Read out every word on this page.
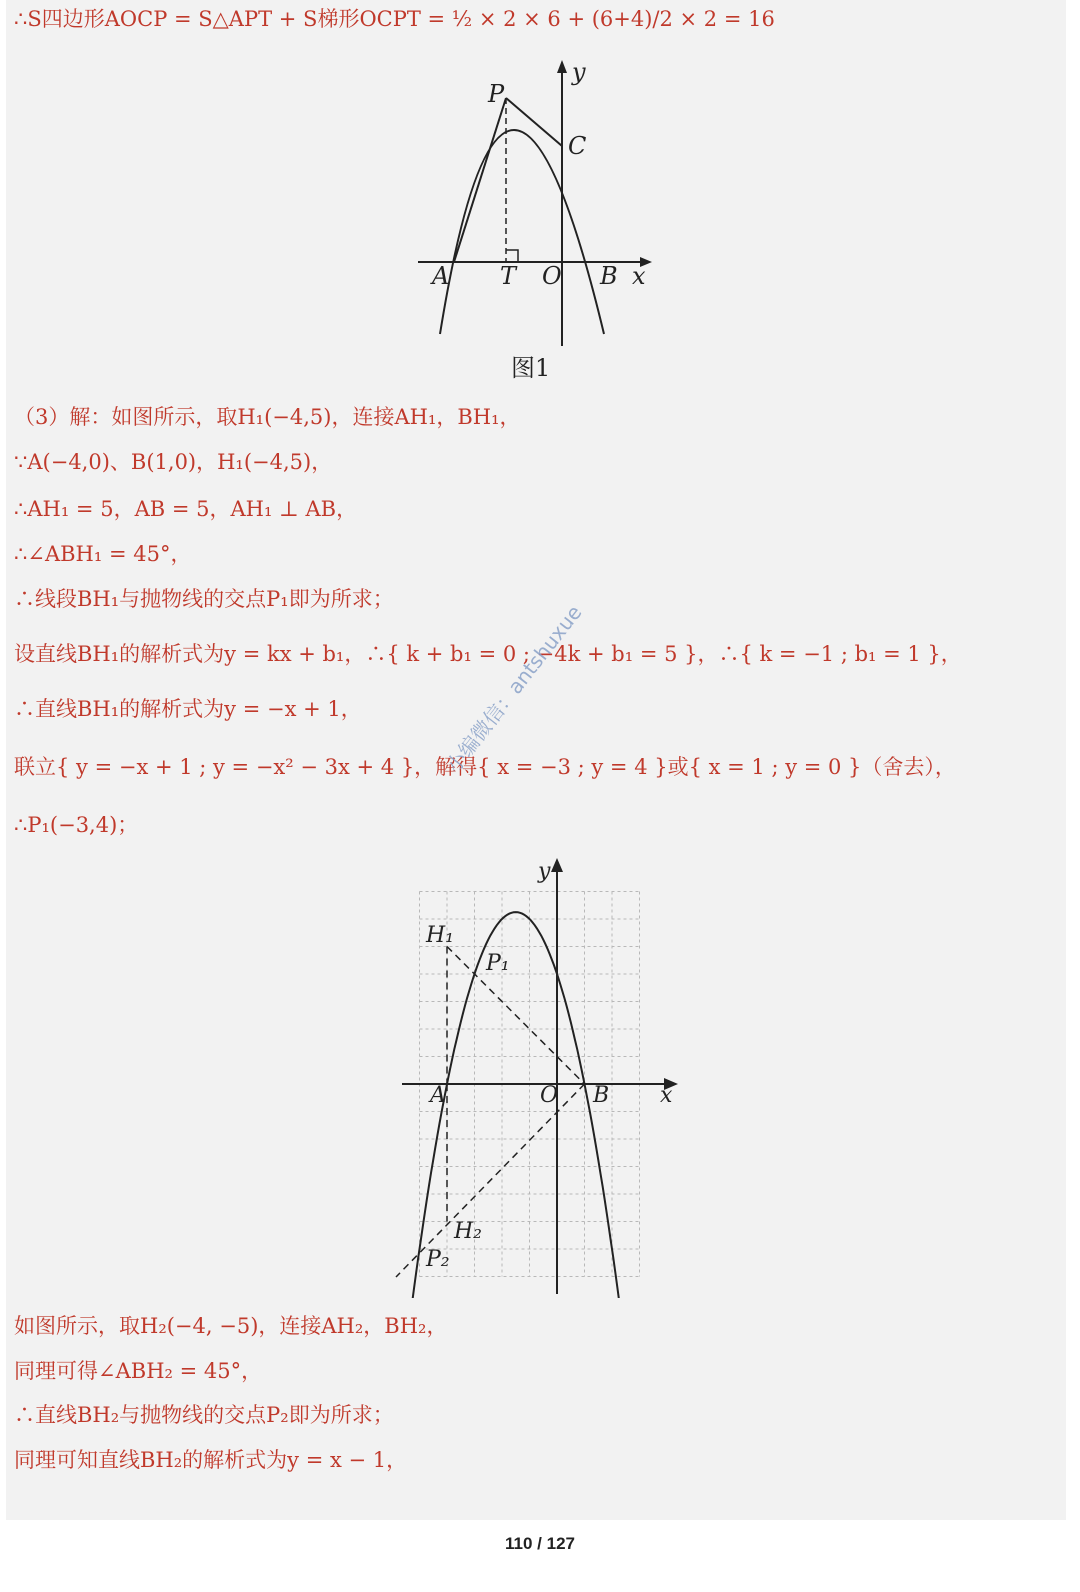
∴S四边形AOCP = S△APT + S梯形OCPT = ½ × 2 × 6 + (6+4)/2 × 2 = 16
P
C
y
A T O B x
图1
（3）解：如图所示，取H₁(−4,5)，连接AH₁，BH₁，
∵A(−4,0)、B(1,0)，H₁(−4,5)，
∴AH₁ = 5，AB = 5，AH₁ ⊥ AB，
∴∠ABH₁ = 45°，
∴线段BH₁与抛物线的交点P₁即为所求；
设直线BH₁的解析式为y = kx + b₁，∴{ k + b₁ = 0 ; −4k + b₁ = 5 }，∴{ k = −1 ; b₁ = 1 }，
∴直线BH₁的解析式为y = −x + 1，
联立{ y = −x + 1 ; y = −x² − 3x + 4 }，解得{ x = −3 ; y = 4 }或{ x = 1 ; y = 0 }（舍去），
∴P₁(−3,4)；
小编微信：antshuxue
y
H₁
P₁
A	O B x
H₂
P₂
如图所示，取H₂(−4, −5)，连接AH₂，BH₂，
同理可得∠ABH₂ = 45°，
∴直线BH₂与抛物线的交点P₂即为所求；
同理可知直线BH₂的解析式为y = x − 1，
110 / 127
